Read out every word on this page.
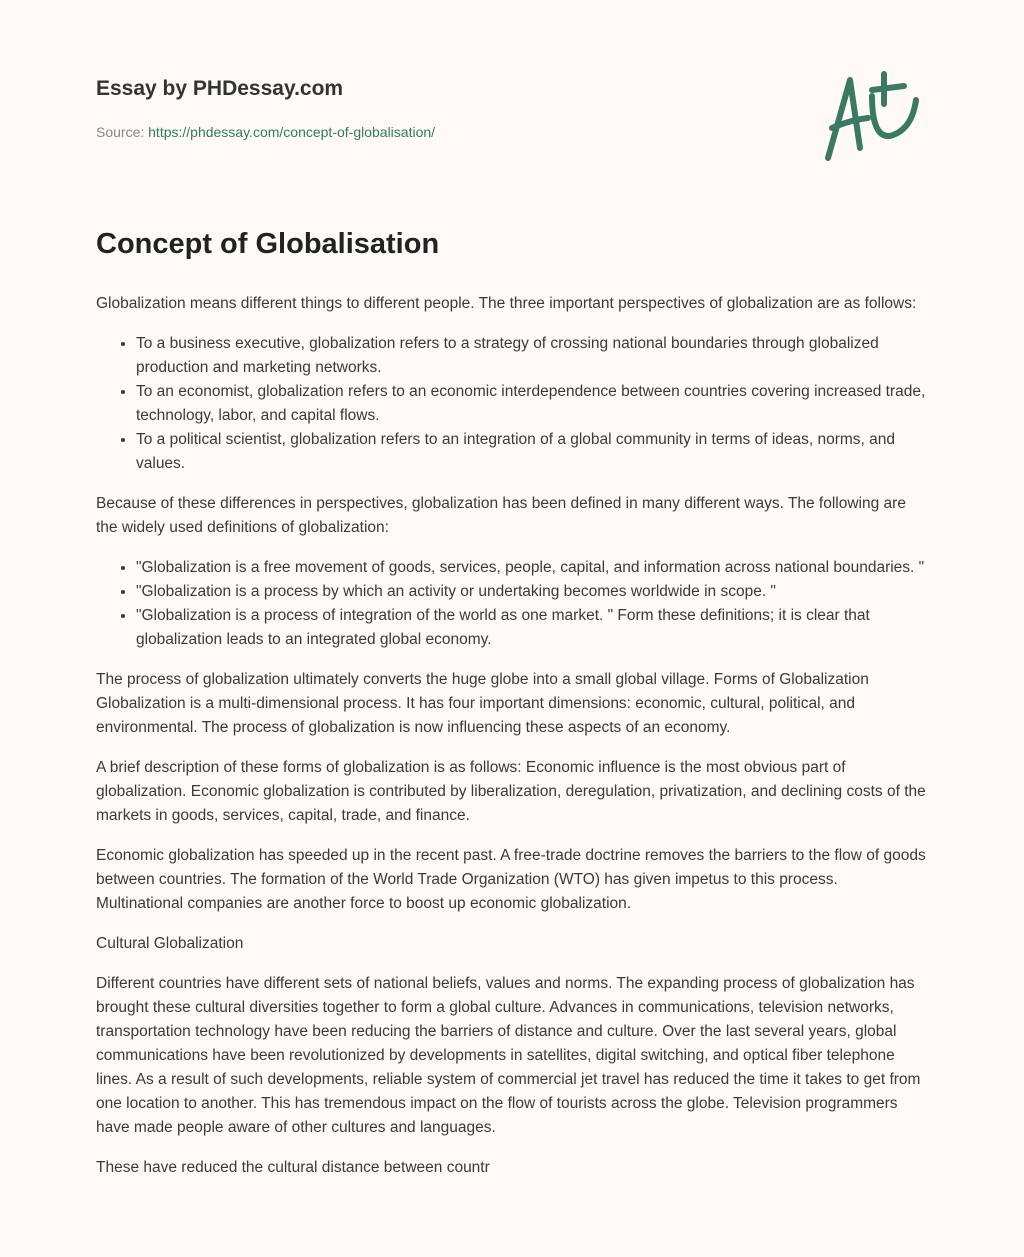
Essay by PHDessay.com
Source: https://phdessay.com/concept-of-globalisation/
Concept of Globalisation

Globalization means different things to different people. The three important perspectives of globalization are as follows:

• To a business executive, globalization refers to a strategy of crossing national boundaries through globalized production and marketing networks.
• To an economist, globalization refers to an economic interdependence between countries covering increased trade, technology, labor, and capital flows.
• To a political scientist, globalization refers to an integration of a global community in terms of ideas, norms, and values.

Because of these differences in perspectives, globalization has been defined in many different ways. The following are the widely used definitions of globalization:

• "Globalization is a free movement of goods, services, people, capital, and information across national boundaries. "
• "Globalization is a process by which an activity or undertaking becomes worldwide in scope. "
• "Globalization is a process of integration of the world as one market. " Form these definitions; it is clear that globalization leads to an integrated global economy.

The process of globalization ultimately converts the huge globe into a small global village. Forms of Globalization Globalization is a multi-dimensional process. It has four important dimensions: economic, cultural, political, and environmental. The process of globalization is now influencing these aspects of an economy.

A brief description of these forms of globalization is as follows: Economic influence is the most obvious part of globalization. Economic globalization is contributed by liberalization, deregulation, privatization, and declining costs of the markets in goods, services, capital, trade, and finance.

Economic globalization has speeded up in the recent past. A free-trade doctrine removes the barriers to the flow of goods between countries. The formation of the World Trade Organization (WTO) has given impetus to this process. Multinational companies are another force to boost up economic globalization.

Cultural Globalization

Different countries have different sets of national beliefs, values and norms. The expanding process of globalization has brought these cultural diversities together to form a global culture. Advances in communications, television networks, transportation technology have been reducing the barriers of distance and culture. Over the last several years, global communications have been revolutionized by developments in satellites, digital switching, and optical fiber telephone lines. As a result of such developments, reliable system of commercial jet travel has reduced the time it takes to get from one location to another. This has tremendous impact on the flow of tourists across the globe. Television programmers have made people aware of other cultures and languages.

These have reduced the cultural distance between countr
